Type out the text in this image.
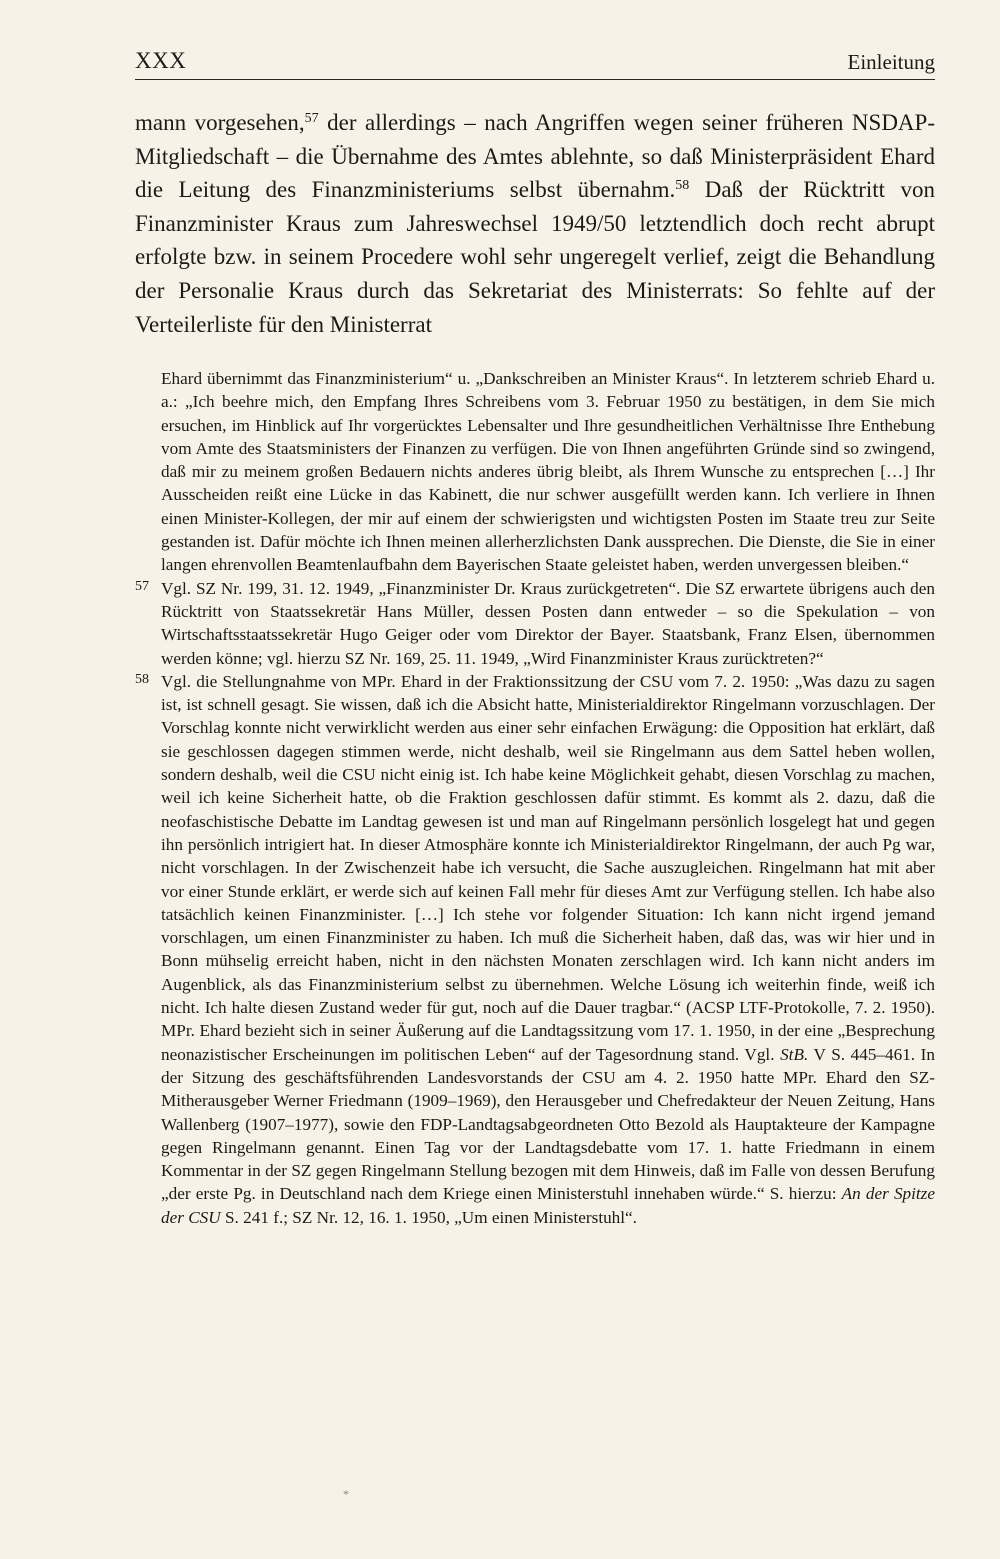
XXX	Einleitung

mann vorgesehen,$^{57}$ der allerdings – nach Angriffen wegen seiner früheren NSDAP-Mitgliedschaft – die Übernahme des Amtes ablehnte, so daß Ministerpräsident Ehard die Leitung des Finanzministeriums selbst übernahm.$^{58}$ Daß der Rücktritt von Finanzminister Kraus zum Jahreswechsel 1949/50 letztendlich doch recht abrupt erfolgte bzw. in seinem Procedere wohl sehr ungeregelt verlief, zeigt die Behandlung der Personalie Kraus durch das Sekretariat des Ministerrats: So fehlte auf der Verteilerliste für den Ministerrat

Ehard übernimmt das Finanzministerium“ u. „Dankschreiben an Minister Kraus“. In letzterem schrieb Ehard u. a.: „Ich beehre mich, den Empfang Ihres Schreibens vom 3. Februar 1950 zu bestätigen, in dem Sie mich ersuchen, im Hinblick auf Ihr vorgerücktes Lebensalter und Ihre gesundheitlichen Verhältnisse Ihre Enthebung vom Amte des Staatsministers der Finanzen zu verfügen. Die von Ihnen angeführten Gründe sind so zwingend, daß mir zu meinem großen Bedauern nichts anderes übrig bleibt, als Ihrem Wunsche zu entsprechen […] Ihr Ausscheiden reißt eine Lücke in das Kabinett, die nur schwer ausgefüllt werden kann. Ich verliere in Ihnen einen Minister-Kollegen, der mir auf einem der schwierigsten und wichtigsten Posten im Staate treu zur Seite gestanden ist. Dafür möchte ich Ihnen meinen allerherzlichsten Dank aussprechen. Die Dienste, die Sie in einer langen ehrenvollen Beamtenlaufbahn dem Bayerischen Staate geleistet haben, werden unvergessen bleiben.“

57 Vgl. SZ Nr. 199, 31. 12. 1949, „Finanzminister Dr. Kraus zurückgetreten“. Die SZ erwartete übrigens auch den Rücktritt von Staatssekretär Hans Müller, dessen Posten dann entweder – so die Spekulation – von Wirtschaftsstaatssekretär Hugo Geiger oder vom Direktor der Bayer. Staatsbank, Franz Elsen, übernommen werden könne; vgl. hierzu SZ Nr. 169, 25. 11. 1949, „Wird Finanzminister Kraus zurücktreten?“

58 Vgl. die Stellungnahme von MPr. Ehard in der Fraktionssitzung der CSU vom 7. 2. 1950: „Was dazu zu sagen ist, ist schnell gesagt. Sie wissen, daß ich die Absicht hatte, Ministerialdirektor Ringelmann vorzuschlagen. Der Vorschlag konnte nicht verwirklicht werden aus einer sehr einfachen Erwägung: die Opposition hat erklärt, daß sie geschlossen dagegen stimmen werde, nicht deshalb, weil sie Ringelmann aus dem Sattel heben wollen, sondern deshalb, weil die CSU nicht einig ist. Ich habe keine Möglichkeit gehabt, diesen Vorschlag zu machen, weil ich keine Sicherheit hatte, ob die Fraktion geschlossen dafür stimmt. Es kommt als 2. dazu, daß die neofaschistische Debatte im Landtag gewesen ist und man auf Ringelmann persönlich losgelegt hat und gegen ihn persönlich intrigiert hat. In dieser Atmosphäre konnte ich Ministerialdirektor Ringelmann, der auch Pg war, nicht vorschlagen. In der Zwischenzeit habe ich versucht, die Sache auszugleichen. Ringelmann hat mit aber vor einer Stunde erklärt, er werde sich auf keinen Fall mehr für dieses Amt zur Verfügung stellen. Ich habe also tatsächlich keinen Finanzminister. […] Ich stehe vor folgender Situation: Ich kann nicht irgend jemand vorschlagen, um einen Finanzminister zu haben. Ich muß die Sicherheit haben, daß das, was wir hier und in Bonn mühselig erreicht haben, nicht in den nächsten Monaten zerschlagen wird. Ich kann nicht anders im Augenblick, als das Finanzministerium selbst zu übernehmen. Welche Lösung ich weiterhin finde, weiß ich nicht. Ich halte diesen Zustand weder für gut, noch auf die Dauer tragbar.“ (ACSP LTF-Protokolle, 7. 2. 1950). MPr. Ehard bezieht sich in seiner Äußerung auf die Landtagssitzung vom 17. 1. 1950, in der eine „Besprechung neonazistischer Erscheinungen im politischen Leben“ auf der Tagesordnung stand. Vgl. StB. V S. 445–461. In der Sitzung des geschäftsführenden Landesvorstands der CSU am 4. 2. 1950 hatte MPr. Ehard den SZ-Mitherausgeber Werner Friedmann (1909–1969), den Herausgeber und Chefredakteur der Neuen Zeitung, Hans Wallenberg (1907–1977), sowie den FDP-Landtagsabgeordneten Otto Bezold als Hauptakteure der Kampagne gegen Ringelmann genannt. Einen Tag vor der Landtagsdebatte vom 17. 1. hatte Friedmann in einem Kommentar in der SZ gegen Ringelmann Stellung bezogen mit dem Hinweis, daß im Falle von dessen Berufung „der erste Pg. in Deutschland nach dem Kriege einen Ministerstuhl innehaben würde.“ S. hierzu: An der Spitze der CSU S. 241 f.; SZ Nr. 12, 16. 1. 1950, „Um einen Ministerstuhl“.

*
